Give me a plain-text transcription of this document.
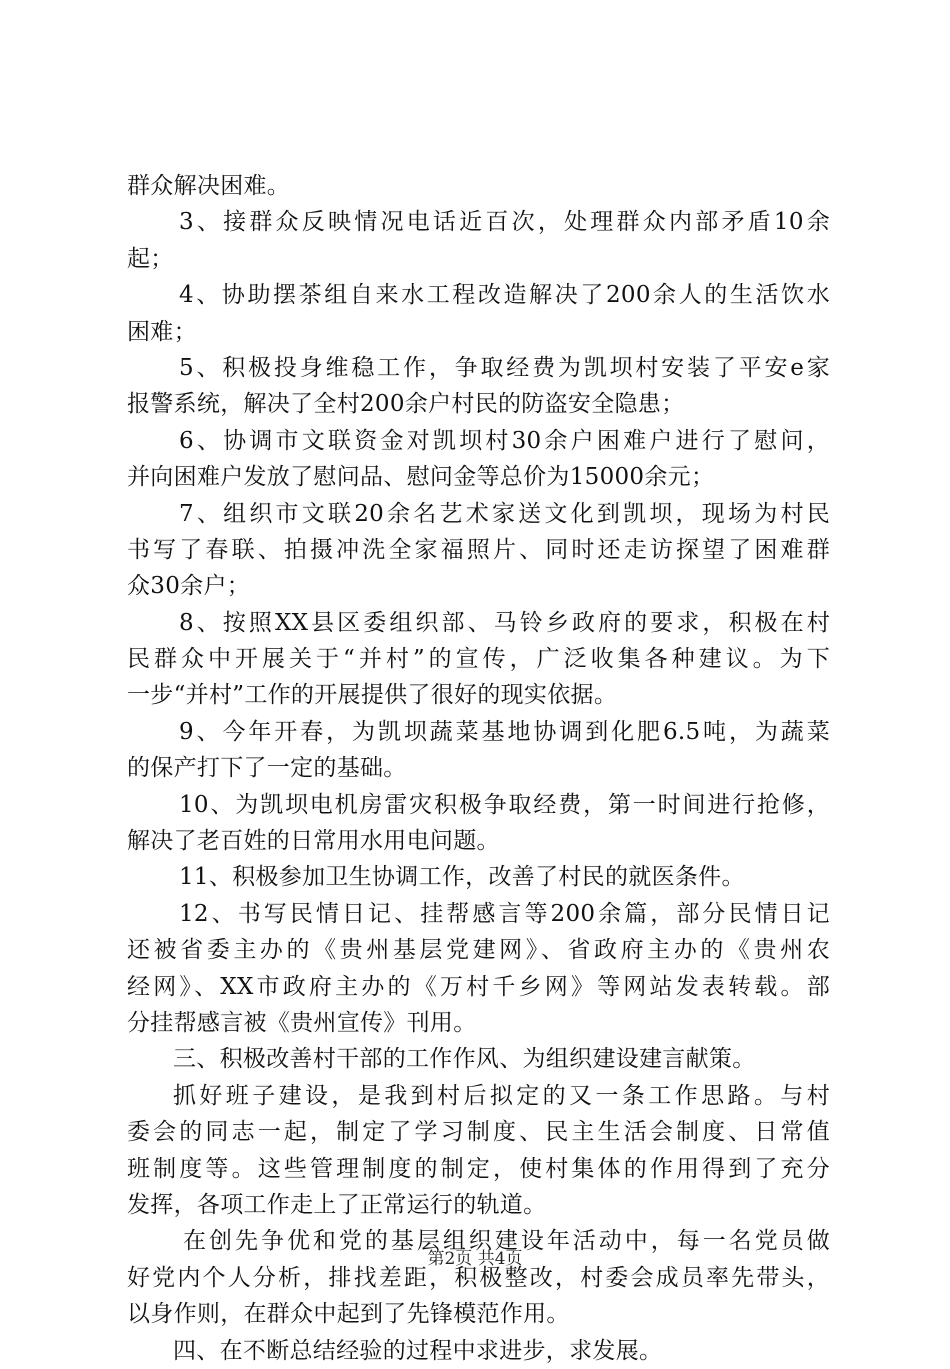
群众解决困难。
3、接群众反映情况电话近百次，处理群众内部矛盾10余
起；
4、协助摆茶组自来水工程改造解决了200余人的生活饮水
困难；
5、积极投身维稳工作，争取经费为凯坝村安装了平安e家
报警系统，解决了全村200余户村民的防盗安全隐患；
6、协调市文联资金对凯坝村30余户困难户进行了慰问，
并向困难户发放了慰问品、慰问金等总价为15000余元；
7、组织市文联20余名艺术家送文化到凯坝，现场为村民
书写了春联、拍摄冲洗全家福照片、同时还走访探望了困难群
众30余户；
8、按照XX县区委组织部、马铃乡政府的要求，积极在村
民群众中开展关于“并村”的宣传，广泛收集各种建议。为下
一步“并村”工作的开展提供了很好的现实依据。
9、今年开春，为凯坝蔬菜基地协调到化肥6.5吨，为蔬菜
的保产打下了一定的基础。
10、为凯坝电机房雷灾积极争取经费，第一时间进行抢修，
解决了老百姓的日常用水用电问题。
11、积极参加卫生协调工作，改善了村民的就医条件。
12、书写民情日记、挂帮感言等200余篇，部分民情日记
还被省委主办的《贵州基层党建网》、省政府主办的《贵州农
经网》、XX市政府主办的《万村千乡网》等网站发表转载。部
分挂帮感言被《贵州宣传》刊用。
三、积极改善村干部的工作作风、为组织建设建言献策。
抓好班子建设，是我到村后拟定的又一条工作思路。与村
委会的同志一起，制定了学习制度、民主生活会制度、日常值
班制度等。这些管理制度的制定，使村集体的作用得到了充分
发挥，各项工作走上了正常运行的轨道。
在创先争优和党的基层组织建设年活动中，每一名党员做
好党内个人分析，排找差距，积极整改，村委会成员率先带头，
以身作则，在群众中起到了先锋模范作用。
四、在不断总结经验的过程中求进步，求发展。
第2页 共4页
